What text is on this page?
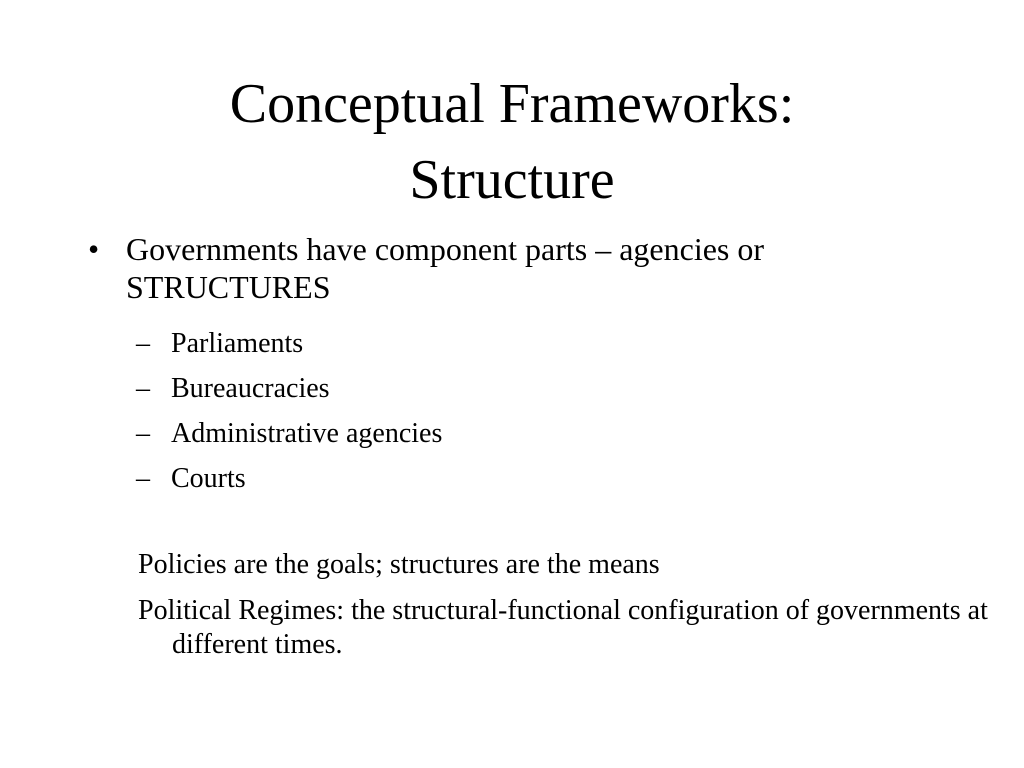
Conceptual Frameworks:
Structure
• Governments have component parts – agencies or STRUCTURES
– Parliaments
– Bureaucracies
– Administrative agencies
– Courts
Policies are the goals; structures are the means
Political Regimes: the structural-functional configuration of governments at different times.
